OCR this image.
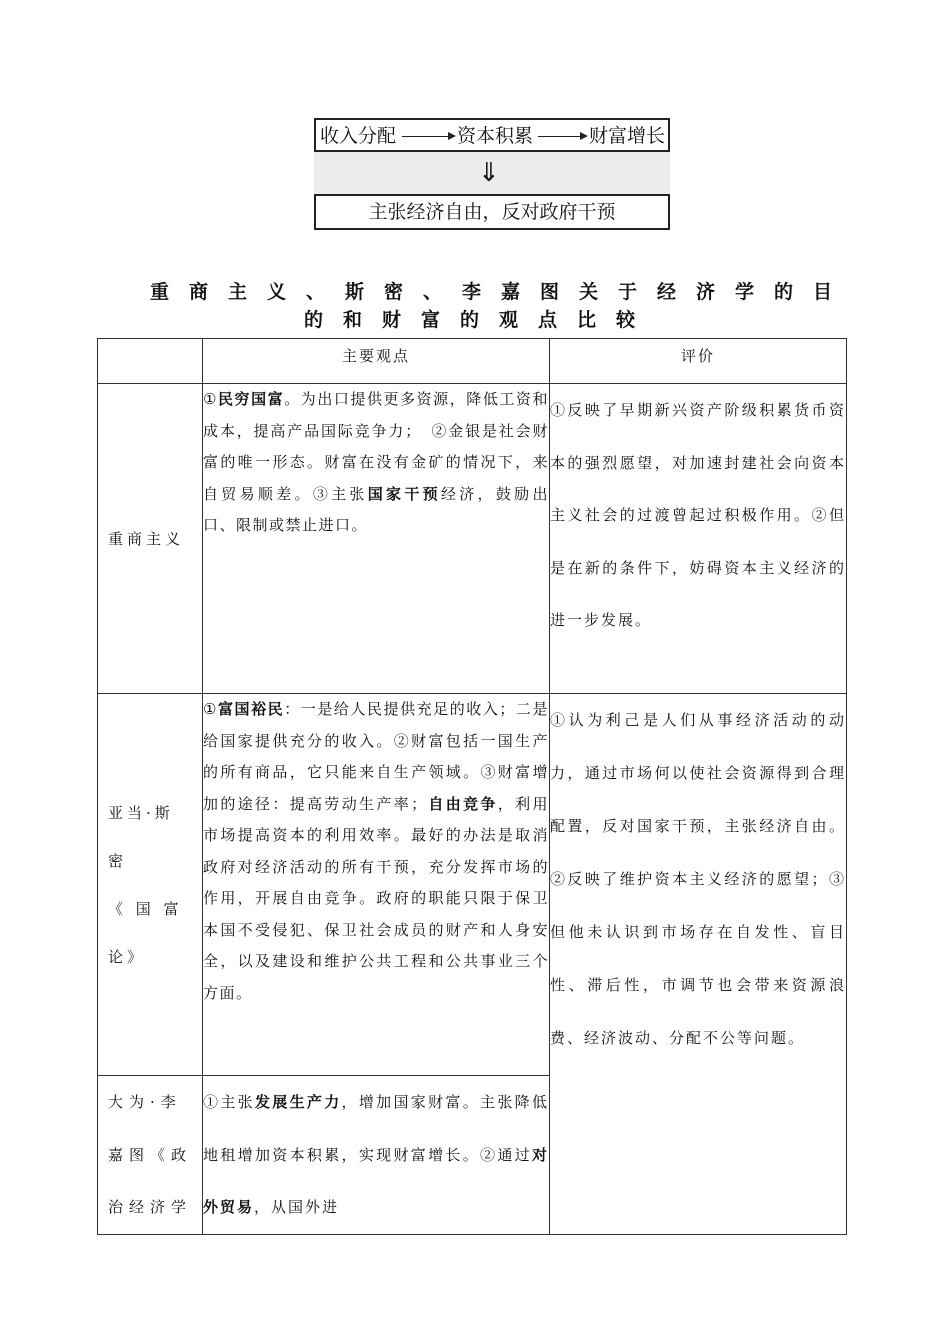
收入分配	资本积累	财富增长
⇓
主张经济自由，反对政府干预
重商主义、斯密、李嘉图关于经济学的目
的和财富的观点比较
	主要观点	评价
重商主义	①民穷国富。为出口提供更多资源，降低工资和成本，提高产品国际竞争力；　②金银是社会财富的唯一形态。财富在没有金矿的情况下，来自贸易顺差。③主张国家干预经济，鼓励出口、限制或禁止进口。	①反映了早期新兴资产阶级积累货币资本的强烈愿望，对加速封建社会向资本主义社会的过渡曾起过积极作用。②但是在新的条件下，妨碍资本主义经济的进一步发展。

亚当·斯
密
《 国 富
论》	①富国裕民：一是给人民提供充足的收入；二是给国家提供充分的收入。②财富包括一国生产的所有商品，它只能来自生产领域。③财富增加的途径：提高劳动生产率；自由竞争，利用市场提高资本的利用效率。最好的办法是取消政府对经济活动的所有干预，充分发挥市场的作用，开展自由竞争。政府的职能只限于保卫本国不受侵犯、保卫社会成员的财产和人身安全，以及建设和维护公共工程和公共事业三个方面。	①认为利己是人们从事经济活动的动力，通过市场何以使社会资源得到合理配置，反对国家干预，主张经济自由。②反映了维护资本主义经济的愿望；③但他未认识到市场存在自发性、盲目性、滞后性，市调节也会带来资源浪费、经济波动、分配不公等问题。
大为·李嘉图《政治经济学	①主张发展生产力，增加国家财富。主张降低地租增加资本积累，实现财富增长。②通过对外贸易，从国外进	
